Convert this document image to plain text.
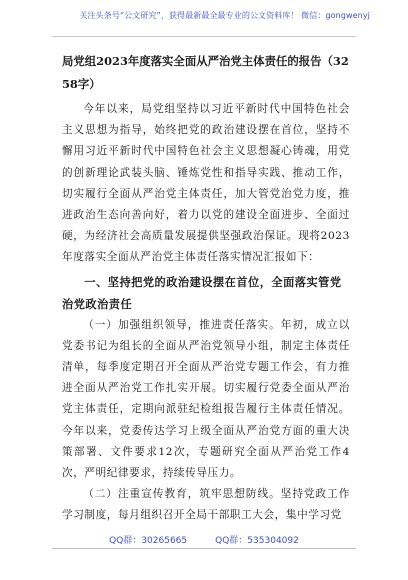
关注头条号“公文研究”，获得最新最全最专业的公文资料库！ 微信：gongwenyj
局党组2023年度落实全面从严治党主体责任的报告（3258字）

今年以来，局党组坚持以习近平新时代中国特色社会主义思想为指导，始终把党的政治建设摆在首位，坚持不懈用习近平新时代中国特色社会主义思想凝心铸魂，用党的创新理论武装头脑、锤炼党性和指导实践、推动工作，切实履行全面从严治党主体责任，加大管党治党力度，推进政治生态向善向好，着力以党的建设全面进步、全面过硬，为经济社会高质量发展提供坚强政治保证。现将2023年度落实全面从严治党主体责任落实情况汇报如下：

一、坚持把党的政治建设摆在首位，全面落实管党治党政治责任

（一）加强组织领导，推进责任落实。年初，成立以党委书记为组长的全面从严治党领导小组，制定主体责任清单，每季度定期召开全面从严治党专题工作会，有力推进全面从严治党工作扎实开展。切实履行党委全面从严治党主体责任，定期向派驻纪检组报告履行主体责任情况。今年以来，党委传达学习上级全面从严治党方面的重大决策部署、文件要求12次，专题研究全面从严治党工作4次，严明纪律要求，持续传导压力。

（二）注重宣传教育，筑牢思想防线。坚持党政工作学习制度，每月组织召开全局干部职工大会，集中学习党

QQ群：30265665	QQ群：535304092
